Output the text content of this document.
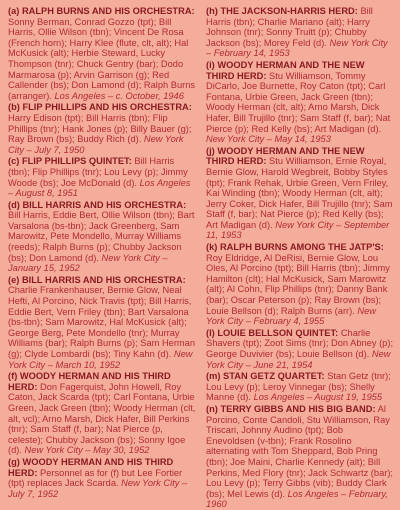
(a) RALPH BURNS AND HIS ORCHESTRA: Sonny Berman, Conrad Gozzo (tpt); Bill Harris, Ollie Wilson (tbn); Vincent De Rosa (French horn); Harry Klee (flute, clt, alt); Hal McKusick (alt); Herbie Steward, Lucky Thompson (tnr); Chuck Gentry (bar); Dodo Marmarosa (p); Arvin Garrison (g); Red Callender (bs); Don Lamond (d); Ralph Burns (arranger). Los Angeles – c. October, 1946
(b) FLIP PHILLIPS AND HIS ORCHESTRA: Harry Edison (tpt); Bill Harris (tbn); Flip Phillips (tnr); Hank Jones (p); Billy Bauer (g); Ray Brown (bs); Buddy Rich (d). New York City – July 7, 1950
(c) FLIP PHILLIPS QUINTET: Bill Harris (tbn); Flip Phillips (tnr); Lou Levy (p); Jimmy Woode (bs); Joe McDonald (d). Los Angeles – August 8, 1951
(d) BILL HARRIS AND HIS ORCHESTRA: Bill Harris, Eddie Bert, Ollie Wilson (tbn); Bart Varsalona (bs-tbn); Jack Greenberg, Sam Marowitz, Pete Mondello, Murray Williams (reeds); Ralph Burns (p); Chubby Jackson (bs); Don Lamond (d). New York City – January 15, 1952
(e) BILL HARRIS AND HIS ORCHESTRA: Charlie Frankenhauser, Bernie Glow, Neal Hefti, Al Porcino, Nick Travis (tpt); Bill Harris, Eddie Bert, Vern Friley (tbn); Bart Varsalona (bs-tbn); Sam Marowitz, Hal McKusick (alt); George Berg, Pete Mondello (tnr); Murray Williams (bar); Ralph Burns (p); Sam Herman (g); Clyde Lombardi (bs); Tiny Kahn (d). New York City – March 10, 1952
(f) WOODY HERMAN AND HIS THIRD HERD: Don Fagerquist, John Howell, Roy Caton, Jack Scarda (tpt); Carl Fontana, Urbie Green, Jack Green (tbn); Woody Herman (clt, alt, vcl); Arno Marsh, Dick Hafer, Bill Perkins (tnr); Sam Staff (f, bar); Nat Pierce (p, celeste); Chubby Jackson (bs); Sonny Igoe (d). New York City – May 30, 1952
(g) WOODY HERMAN AND HIS THIRD HERD: Personnel as for (f) but Lee Fortier (tpt) replaces Jack Scarda. New York City – July 7, 1952
(h) THE JACKSON-HARRIS HERD: Bill Harris (tbn); Charlie Mariano (alt); Harry Johnson (tnr); Sonny Truitt (p); Chubby Jackson (bs); Morey Feld (d). New York City – February 14, 1953
(i) WOODY HERMAN AND THE NEW THIRD HERD: Stu Williamson, Tommy DiCarlo, Joe Burnette, Roy Caton (tpt); Carl Fontana, Urbie Green, Jack Green (tbn); Woody Herman (clt, alt); Arno Marsh, Dick Hafer, Bill Trujillo (tnr); Sam Staff (f, bar); Nat Pierce (p); Red Kelly (bs); Art Madigan (d). New York City – May 14, 1953
(j) WOODY HERMAN AND THE NEW THIRD HERD: Stu Williamson, Ernie Royal, Bernie Glow, Harold Wegbreit, Bobby Styles (tpt); Frank Rehak, Urbie Green, Vern Friley, Kai Winding (tbn); Woody Herman (clt, alt); Jerry Coker, Dick Hafer, Bill Trujillo (tnr); Sam Staff (f, bar); Nat Pierce (p); Red Kelly (bs); Art Madigan (d). New York City – September 11, 1953
(k) RALPH BURNS AMONG THE JATP'S: Roy Eldridge, Al DeRisi, Bernie Glow, Lou Oles, Al Porcino (tpt); Bill Harris (tbn); Jimmy Hamilton (clt); Hal McKusick, Sam Marowitz (alt); Al Cohn, Flip Phillips (tnr); Danny Bank (bar); Oscar Peterson (p); Ray Brown (bs); Louie Bellson (d); Ralph Burns (arr). New York City – February 4, 1955
(l) LOUIE BELLSON QUINTET: Charlie Shavers (tpt); Zoot Sims (tnr); Don Abney (p); George Duvivier (bs); Louie Bellson (d). New York City – June 21, 1954
(m) STAN GETZ QUARTET: Stan Getz (tnr); Lou Levy (p); Leroy Vinnegar (bs); Shelly Manne (d). Los Angeles – August 19, 1955
(n) TERRY GIBBS AND HIS BIG BAND: Al Porcino, Conte Candoli, Stu Williamson, Ray Triscari, Johnny Audino (tpt); Bob Enevoldsen (v-tbn); Frank Rosolino alternating with Tom Sheppard, Bob Pring (tbn); Joe Maini, Charlie Kennedy (alt); Bill Perkins, Med Flory (tnr); Jack Schwartz (bar); Lou Levy (p); Terry Gibbs (vib); Buddy Clark (bs); Mel Lewis (d). Los Angeles – February, 1960
